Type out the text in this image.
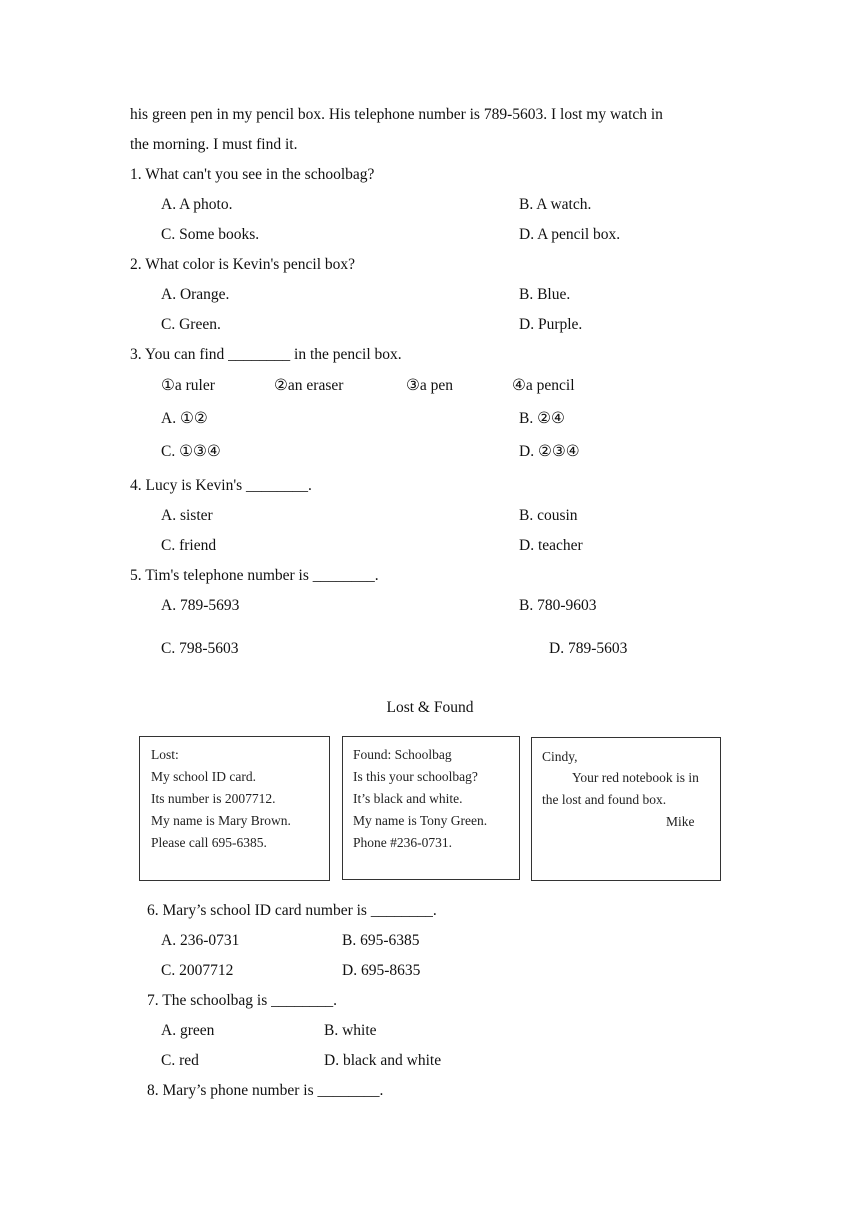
his green pen in my pencil box. His telephone number is 789-5603. I lost my watch in
the morning. I must find it.
1. What can't you see in the schoolbag?
A. A photo.	B. A watch.
C. Some books.	D. A pencil box.
2. What color is Kevin's pencil box?
A. Orange.	B. Blue.
C. Green.	D. Purple.
3. You can find ________ in the pencil box.
①a ruler	②an eraser	③a pen	④a pencil
A. ①②	B. ②④
C. ①③④	D. ②③④
4. Lucy is Kevin's ________.
A. sister	B. cousin
C. friend	D. teacher
5. Tim's telephone number is ________.
A. 789-5693	B. 780-9603
C. 798-5603	D. 789-5603
Lost & Found
Lost:
My school ID card.
Its number is 2007712.
My name is Mary Brown.
Please call 695-6385.
Found: Schoolbag
Is this your schoolbag?
It’s black and white.
My name is Tony Green.
Phone #236-0731.
Cindy,
Your red notebook is in
the lost and found box.
Mike
6. Mary’s school ID card number is ________.
A. 236-0731	B. 695-6385
C. 2007712	D. 695-8635
7. The schoolbag is ________.
A. green	B. white
C. red	D. black and white
8. Mary’s phone number is ________.
